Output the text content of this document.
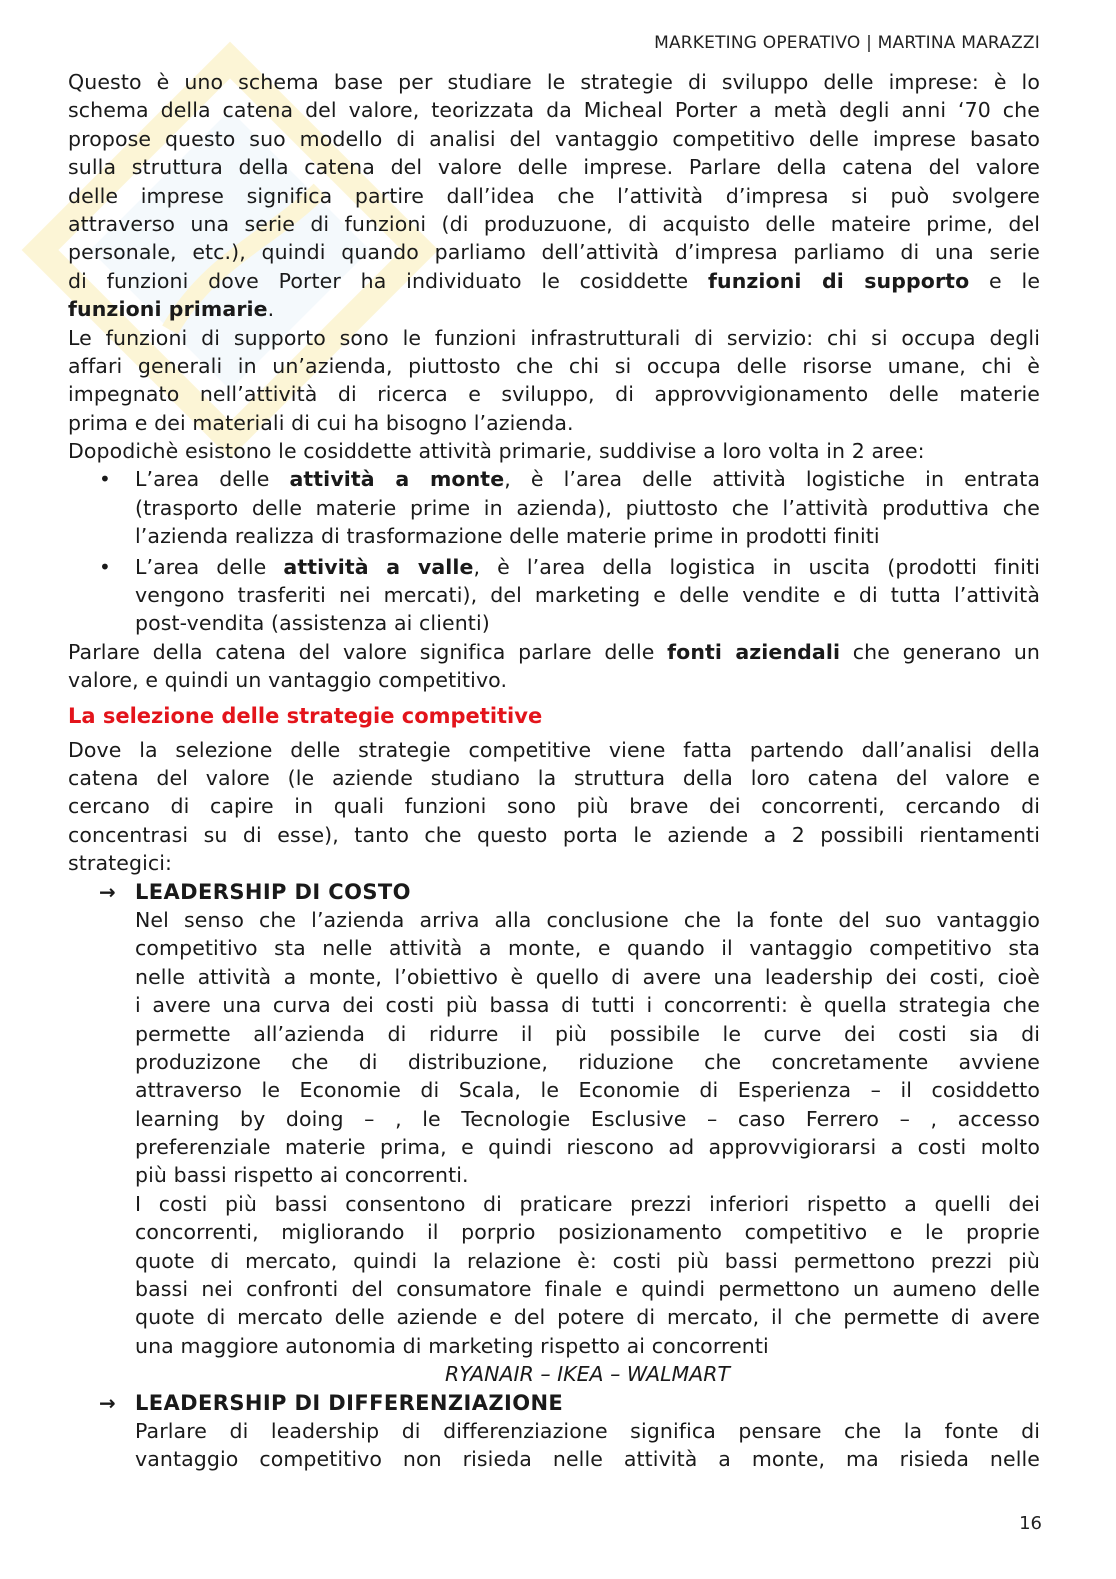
MARKETING OPERATIVO | MARTINA MARAZZI
Questo è uno schema base per studiare le strategie di sviluppo delle imprese: è lo
schema della catena del valore, teorizzata da Micheal Porter a metà degli anni ‘70 che
propose questo suo modello di analisi del vantaggio competitivo delle imprese basato
sulla struttura della catena del valore delle imprese. Parlare della catena del valore
delle imprese significa partire dall’idea che l’attività d’impresa si può svolgere
attraverso una serie di funzioni (di produzuone, di acquisto delle mateire prime, del
personale, etc.), quindi quando parliamo dell’attività d’impresa parliamo di una serie
di funzioni dove Porter ha individuato le cosiddette funzioni di supporto e le
funzioni primarie.
Le funzioni di supporto sono le funzioni infrastrutturali di servizio: chi si occupa degli
affari generali in un’azienda, piuttosto che chi si occupa delle risorse umane, chi è
impegnato nell’attività di ricerca e sviluppo, di approvvigionamento delle materie
prima e dei materiali di cui ha bisogno l’azienda.
Dopodichè esistono le cosiddette attività primarie, suddivise a loro volta in 2 aree:
• L’area delle attività a monte, è l’area delle attività logistiche in entrata
(trasporto delle materie prime in azienda), piuttosto che l’attività produttiva che
l’azienda realizza di trasformazione delle materie prime in prodotti finiti
• L’area delle attività a valle, è l’area della logistica in uscita (prodotti finiti
vengono trasferiti nei mercati), del marketing e delle vendite e di tutta l’attività
post-vendita (assistenza ai clienti)
Parlare della catena del valore significa parlare delle fonti aziendali che generano un
valore, e quindi un vantaggio competitivo.
La selezione delle strategie competitive
Dove la selezione delle strategie competitive viene fatta partendo dall’analisi della
catena del valore (le aziende studiano la struttura della loro catena del valore e
cercano di capire in quali funzioni sono più brave dei concorrenti, cercando di
concentrasi su di esse), tanto che questo porta le aziende a 2 possibili rientamenti
strategici:
→ LEADERSHIP DI COSTO
Nel senso che l’azienda arriva alla conclusione che la fonte del suo vantaggio
competitivo sta nelle attività a monte, e quando il vantaggio competitivo sta
nelle attività a monte, l’obiettivo è quello di avere una leadership dei costi, cioè
i avere una curva dei costi più bassa di tutti i concorrenti: è quella strategia che
permette all’azienda di ridurre il più possibile le curve dei costi sia di
produzizone che di distribuzione, riduzione che concretamente avviene
attraverso le Economie di Scala, le Economie di Esperienza – il cosiddetto
learning by doing – , le Tecnologie Esclusive – caso Ferrero – , accesso
preferenziale materie prima, e quindi riescono ad approvvigiorarsi a costi molto
più bassi rispetto ai concorrenti.
I costi più bassi consentono di praticare prezzi inferiori rispetto a quelli dei
concorrenti, migliorando il porprio posizionamento competitivo e le proprie
quote di mercato, quindi la relazione è: costi più bassi permettono prezzi più
bassi nei confronti del consumatore finale e quindi permettono un aumeno delle
quote di mercato delle aziende e del potere di mercato, il che permette di avere
una maggiore autonomia di marketing rispetto ai concorrenti
RYANAIR – IKEA – WALMART
→ LEADERSHIP DI DIFFERENZIAZIONE
Parlare di leadership di differenziazione significa pensare che la fonte di
vantaggio competitivo non risieda nelle attività a monte, ma risieda nelle
16
